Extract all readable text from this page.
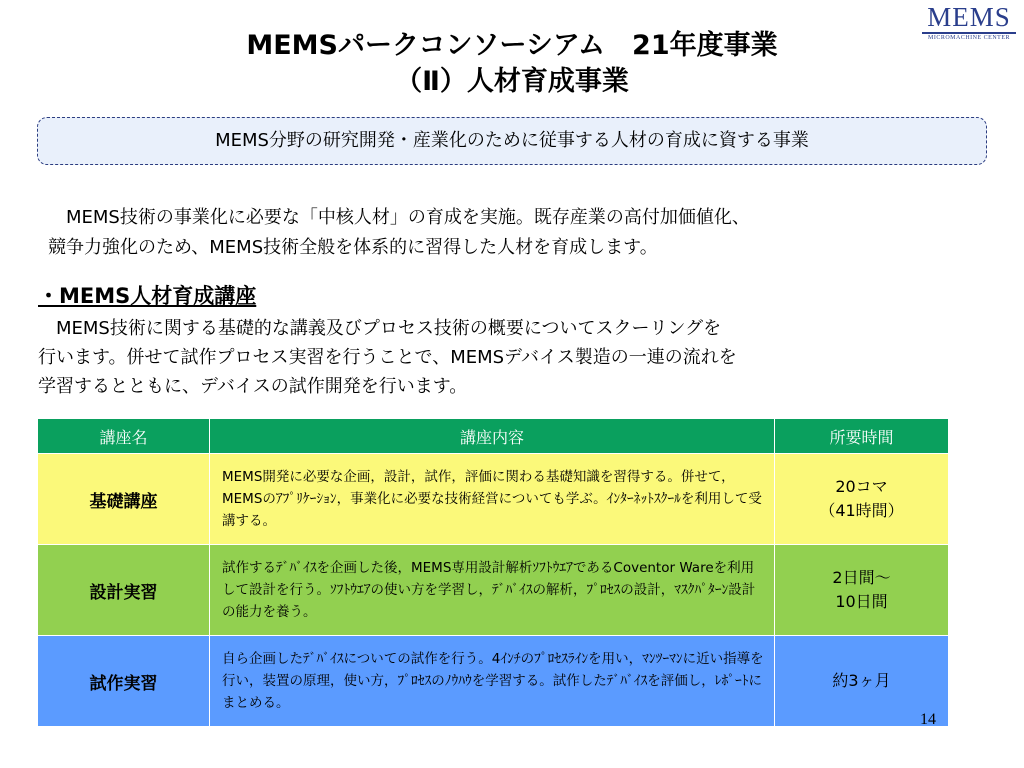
MEMS
MICROMACHINE CENTER
MEMSパークコンソーシアム　21年度事業
（Ⅱ）人材育成事業
MEMS分野の研究開発・産業化のために従事する人材の育成に資する事業
MEMS技術の事業化に必要な「中核人材」の育成を実施。既存産業の高付加価値化、
競争力強化のため、MEMS技術全般を体系的に習得した人材を育成します。
・MEMS人材育成講座
MEMS技術に関する基礎的な講義及びプロセス技術の概要についてスクーリングを
行います。併せて試作プロセス実習を行うことで、MEMSデバイス製造の一連の流れを
学習するとともに、デバイスの試作開発を行います。
講座名	講座内容	所要時間
基礎講座	MEMS開発に必要な企画，設計，試作，評価に関わる基礎知識を習得する。併せて，MEMSのｱﾌﾟﾘｹｰｼｮﾝ，事業化に必要な技術経営についても学ぶ。ｲﾝﾀｰﾈｯﾄｽｸｰﾙを利用して受講する。	20コマ
（41時間）

設計実習	試作するﾃﾞﾊﾞｲｽを企画した後，MEMS専用設計解析ｿﾌﾄｳｴｱであるCoventor Wareを利用して設計を行う。ｿﾌﾄｳｴｱの使い方を学習し，ﾃﾞﾊﾞｲｽの解析，ﾌﾟﾛｾｽの設計，ﾏｽｸﾊﾟﾀｰﾝ設計の能力を養う。	2日間～
10日間

試作実習	自ら企画したﾃﾞﾊﾞｲｽについての試作を行う。4ｲﾝﾁのﾌﾟﾛｾｽﾗｲﾝを用い，ﾏﾝﾂｰﾏﾝに近い指導を行い，装置の原理，使い方，ﾌﾟﾛｾｽのﾉｳﾊｳを学習する。試作したﾃﾞﾊﾞｲｽを評価し，ﾚﾎﾟｰﾄにまとめる。	約3ヶ月
14
